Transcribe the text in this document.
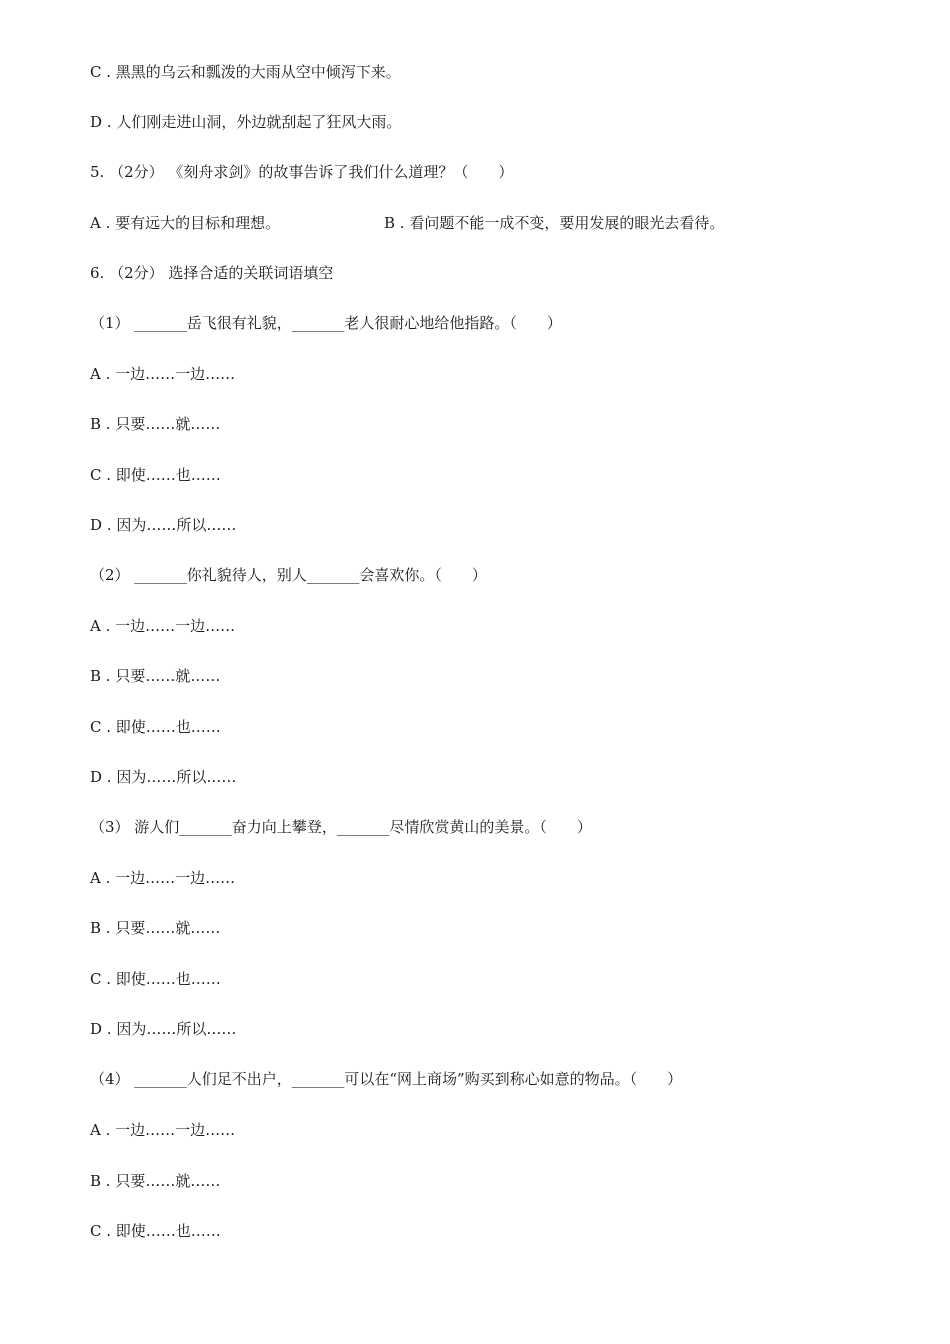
C . 黑黑的乌云和瓢泼的大雨从空中倾泻下来。
D . 人们刚走进山洞，外边就刮起了狂风大雨。
5. （2分） 《刻舟求剑》的故事告诉了我们什么道理？（　　）
A . 要有远大的目标和理想。	B . 看问题不能一成不变，要用发展的眼光去看待。
6. （2分） 选择合适的关联词语填空
（1） _______岳飞很有礼貌，_______老人很耐心地给他指路。（　　）
A . 一边……一边……
B . 只要……就……
C . 即使……也……
D . 因为……所以……
（2） _______你礼貌待人，别人_______会喜欢你。（　　）
A . 一边……一边……
B . 只要……就……
C . 即使……也……
D . 因为……所以……
（3） 游人们_______奋力向上攀登，_______尽情欣赏黄山的美景。（　　）
A . 一边……一边……
B . 只要……就……
C . 即使……也……
D . 因为……所以……
（4） _______人们足不出户，_______可以在“网上商场”购买到称心如意的物品。（　　）
A . 一边……一边……
B . 只要……就……
C . 即使……也……
